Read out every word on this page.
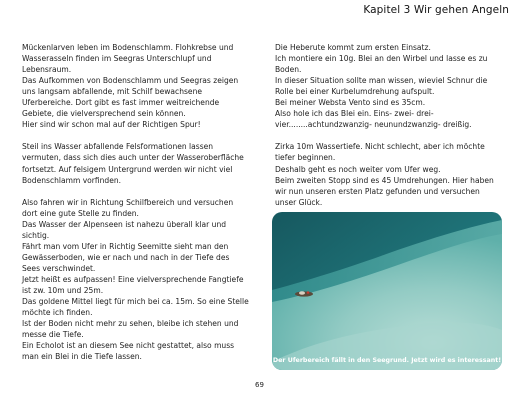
Kapitel 3 Wir gehen Angeln

Mückenlarven leben im Bodenschlamm. Flohkrebse und
Wasserasseln finden im Seegras Unterschlupf und
Lebensraum.
Das Aufkommen von Bodenschlamm und Seegras zeigen
uns langsam abfallende, mit Schilf bewachsene
Uferbereiche. Dort gibt es fast immer weitreichende
Gebiete, die vielversprechend sein können.
Hier sind wir schon mal auf der Richtigen Spur!

Steil ins Wasser abfallende Felsformationen lassen
vermuten, dass sich dies auch unter der Wasseroberfläche
fortsetzt. Auf felsigem Untergrund werden wir nicht viel
Bodenschlamm vorfinden.

Also fahren wir in Richtung Schilfbereich und versuchen
dort eine gute Stelle zu finden.
Das Wasser der Alpenseen ist nahezu überall klar und
sichtig.
Fährt man vom Ufer in Richtig Seemitte sieht man den
Gewässerboden, wie er nach und nach in der Tiefe des
Sees verschwindet.
Jetzt heißt es aufpassen! Eine vielversprechende Fangtiefe
ist zw. 10m und 25m.
Das goldene Mittel liegt für mich bei ca. 15m. So eine Stelle
möchte ich finden.
Ist der Boden nicht mehr zu sehen, bleibe ich stehen und
messe die Tiefe.
Ein Echolot ist an diesem See nicht gestattet, also muss
man ein Blei in die Tiefe lassen.

Die Heberute kommt zum ersten Einsatz.
Ich montiere ein 10g. Blei an den Wirbel und lasse es zu
Boden.
In dieser Situation sollte man wissen, wieviel Schnur die
Rolle bei einer Kurbelumdrehung aufspult.
Bei meiner Websta Vento sind es 35cm.
Also hole ich das Blei ein. Eins- zwei- drei-
vier........achtundzwanzig- neunundzwanzig- dreißig.

Zirka 10m Wassertiefe. Nicht schlecht, aber ich möchte
tiefer beginnen.
Deshalb geht es noch weiter vom Ufer weg.
Beim zweiten Stopp sind es 45 Umdrehungen. Hier haben
wir nun unseren ersten Platz gefunden und versuchen
unser Glück.

Der Uferbereich fällt in den Seegrund. Jetzt wird es interessant!
69
